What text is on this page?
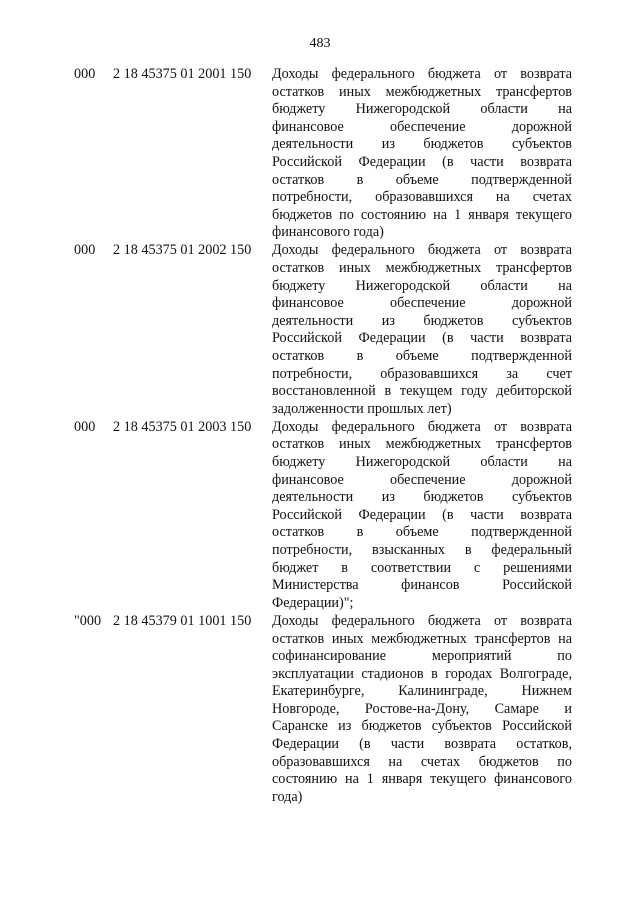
483
000 2 18 45375 01 2001 150 Доходы федерального бюджета от возврата
остатков иных межбюджетных трансфертов
бюджету Нижегородской области на
финансовое обеспечение дорожной
деятельности из бюджетов субъектов
Российской Федерации (в части возврата
остатков в объеме подтвержденной
потребности, образовавшихся на счетах
бюджетов по состоянию на 1 января текущего
финансового года)
000 2 18 45375 01 2002 150 Доходы федерального бюджета от возврата
остатков иных межбюджетных трансфертов
бюджету Нижегородской области на
финансовое обеспечение дорожной
деятельности из бюджетов субъектов
Российской Федерации (в части возврата
остатков в объеме подтвержденной
потребности, образовавшихся за счет
восстановленной в текущем году дебиторской
задолженности прошлых лет)
000 2 18 45375 01 2003 150 Доходы федерального бюджета от возврата
остатков иных межбюджетных трансфертов
бюджету Нижегородской области на
финансовое обеспечение дорожной
деятельности из бюджетов субъектов
Российской Федерации (в части возврата
остатков в объеме подтвержденной
потребности, взысканных в федеральный
бюджет в соответствии с решениями
Министерства финансов Российской
Федерации)";
"000 2 18 45379 01 1001 150 Доходы федерального бюджета от возврата
остатков иных межбюджетных трансфертов на
софинансирование мероприятий по
эксплуатации стадионов в городах Волгограде,
Екатеринбурге, Калининграде, Нижнем
Новгороде, Ростове-на-Дону, Самаре и
Саранске из бюджетов субъектов Российской
Федерации (в части возврата остатков,
образовавшихся на счетах бюджетов по
состоянию на 1 января текущего финансового
года)
